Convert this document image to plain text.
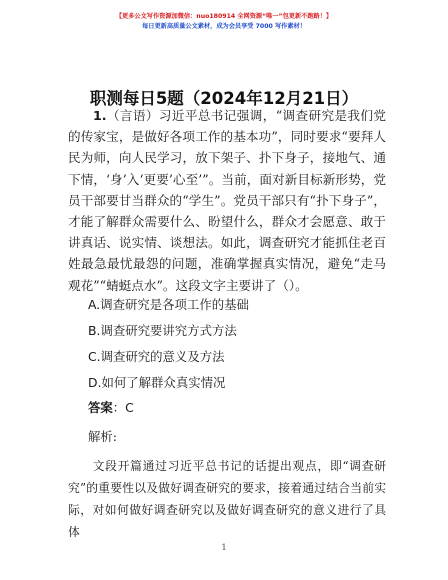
【更多公文写作资源加微信：nuo180914 全网资源“唯一”包更新不跑路！】
每日更新高质量公文素材，成为会员享受 7000 写作素材！
职测每日5题（2024年12月21日）
1.（言语）习近平总书记强调，“调查研究是我们党的传家宝，是做好各项工作的基本功”，同时要求“要拜人民为师，向人民学习，放下架子、扑下身子，接地气、通下情，‘身’入‘更要’心至’”。当前，面对新目标新形势，党员干部要甘当群众的“学生”。党员干部只有“扑下身子”，才能了解群众需要什么、盼望什么，群众才会愿意、敢于讲真话、说实情、谈想法。如此，调查研究才能抓住老百姓最急最忧最怨的问题，准确掌握真实情况，避免“走马观花”“蜻蜓点水”。这段文字主要讲了（）。
A.调查研究是各项工作的基础
B.调查研究要讲究方式方法
C.调查研究的意义及方法
D.如何了解群众真实情况
答案：C
解析:
文段开篇通过习近平总书记的话提出观点，即“调查研究”的重要性以及做好调查研究的要求，接着通过结合当前实际，对如何做好调查研究以及做好调查研究的意义进行了具体
1
